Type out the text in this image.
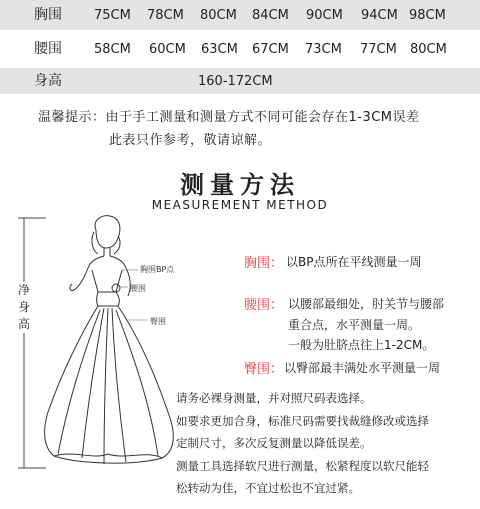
胸围 75CM 78CM 80CM 84CM 90CM 94CM 98CM
腰围 58CM 60CM 63CM 67CM 73CM 77CM 80CM
身高	160-172CM
温馨提示：由于手工测量和测量方式不同可能会存在1-3CM误差
此表只作参考，敬请谅解。
测量方法
MEASUREMENT METHOD
净身高
胸围BP点
腰围
臀围
胸围： 以BP点所在平线测量一周
腰围： 以腰部最细处，肘关节与腰部
重合点，水平测量一周。
一般为肚脐点往上1-2CM。
臀围： 以臀部最丰满处水平测量一周
请务必裸身测量，并对照尺码表选择。
如要求更加合身，标准尺码需要找裁缝修改或选择
定制尺寸，多次反复测量以降低误差。
测量工具选择软尺进行测量，松紧程度以软尺能轻
松转动为佳，不宜过松也不宜过紧。
